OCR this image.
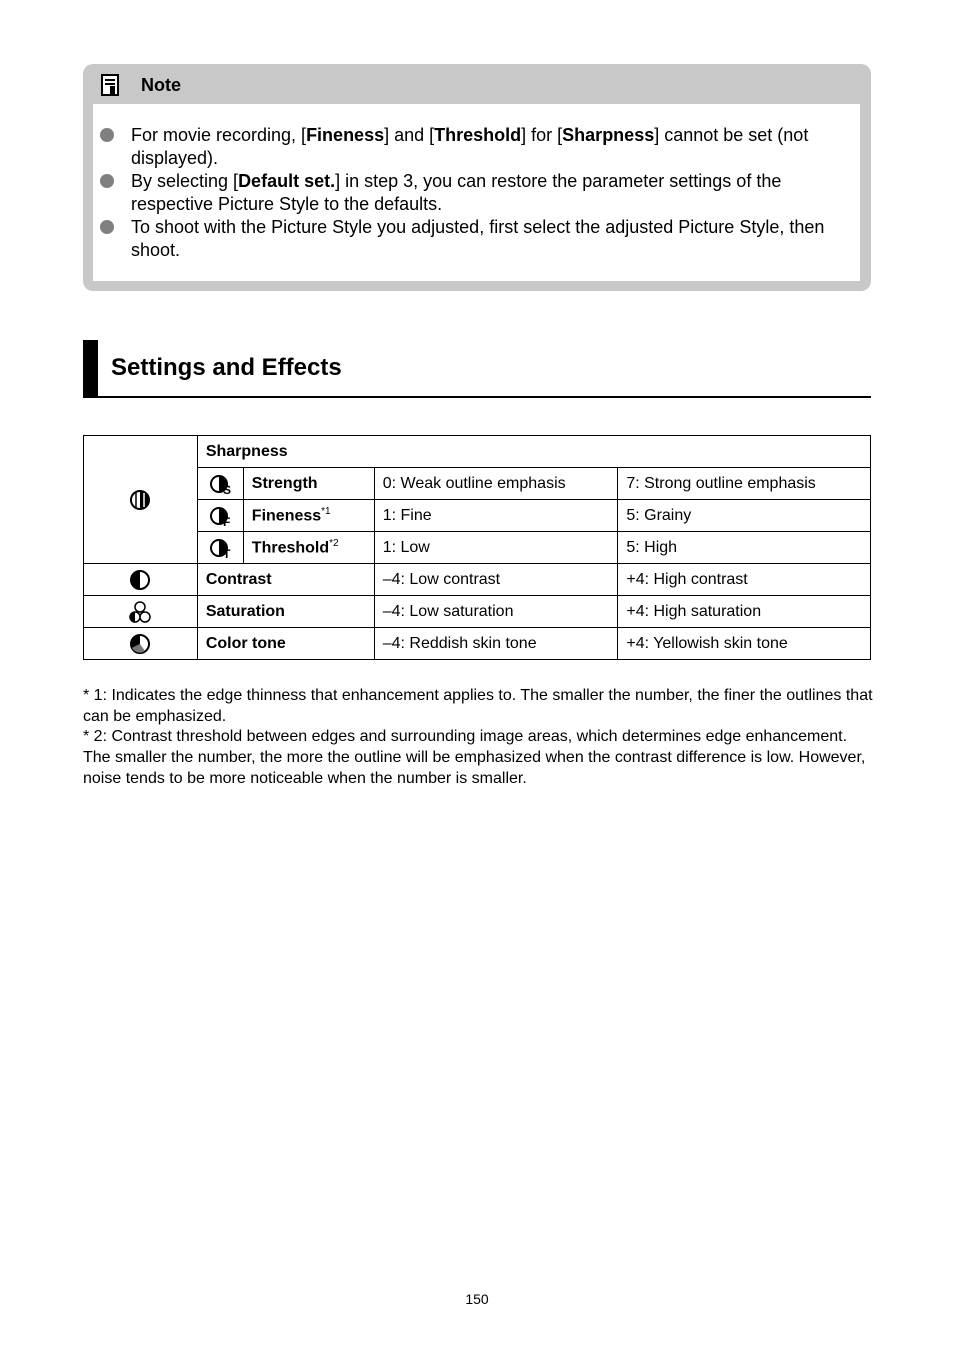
Note
For movie recording, [Fineness] and [Threshold] for [Sharpness] cannot be set (not displayed).
By selecting [Default set.] in step 3, you can restore the parameter settings of the respective Picture Style to the defaults.
To shoot with the Picture Style you adjusted, first select the adjusted Picture Style, then shoot.
Settings and Effects
	Sharpness			

S	Strength	0: Weak outline emphasis	7: Strong outline emphasis

F	Fineness$^{*1}$	1: Fine	5: Grainy

T	Threshold$^{*2}$	1: Low	5: High
	Contrast		–4: Low contrast	+4: High contrast
	Saturation		–4: Low saturation	+4: High saturation
	Color tone		–4: Reddish skin tone	+4: Yellowish skin tone

* 1: Indicates the edge thinness that enhancement applies to. The smaller the number, the finer the outlines that can be emphasized.

* 2: Contrast threshold between edges and surrounding image areas, which determines edge enhancement. The smaller the number, the more the outline will be emphasized when the contrast difference is low. However, noise tends to be more noticeable when the number is smaller.

150
